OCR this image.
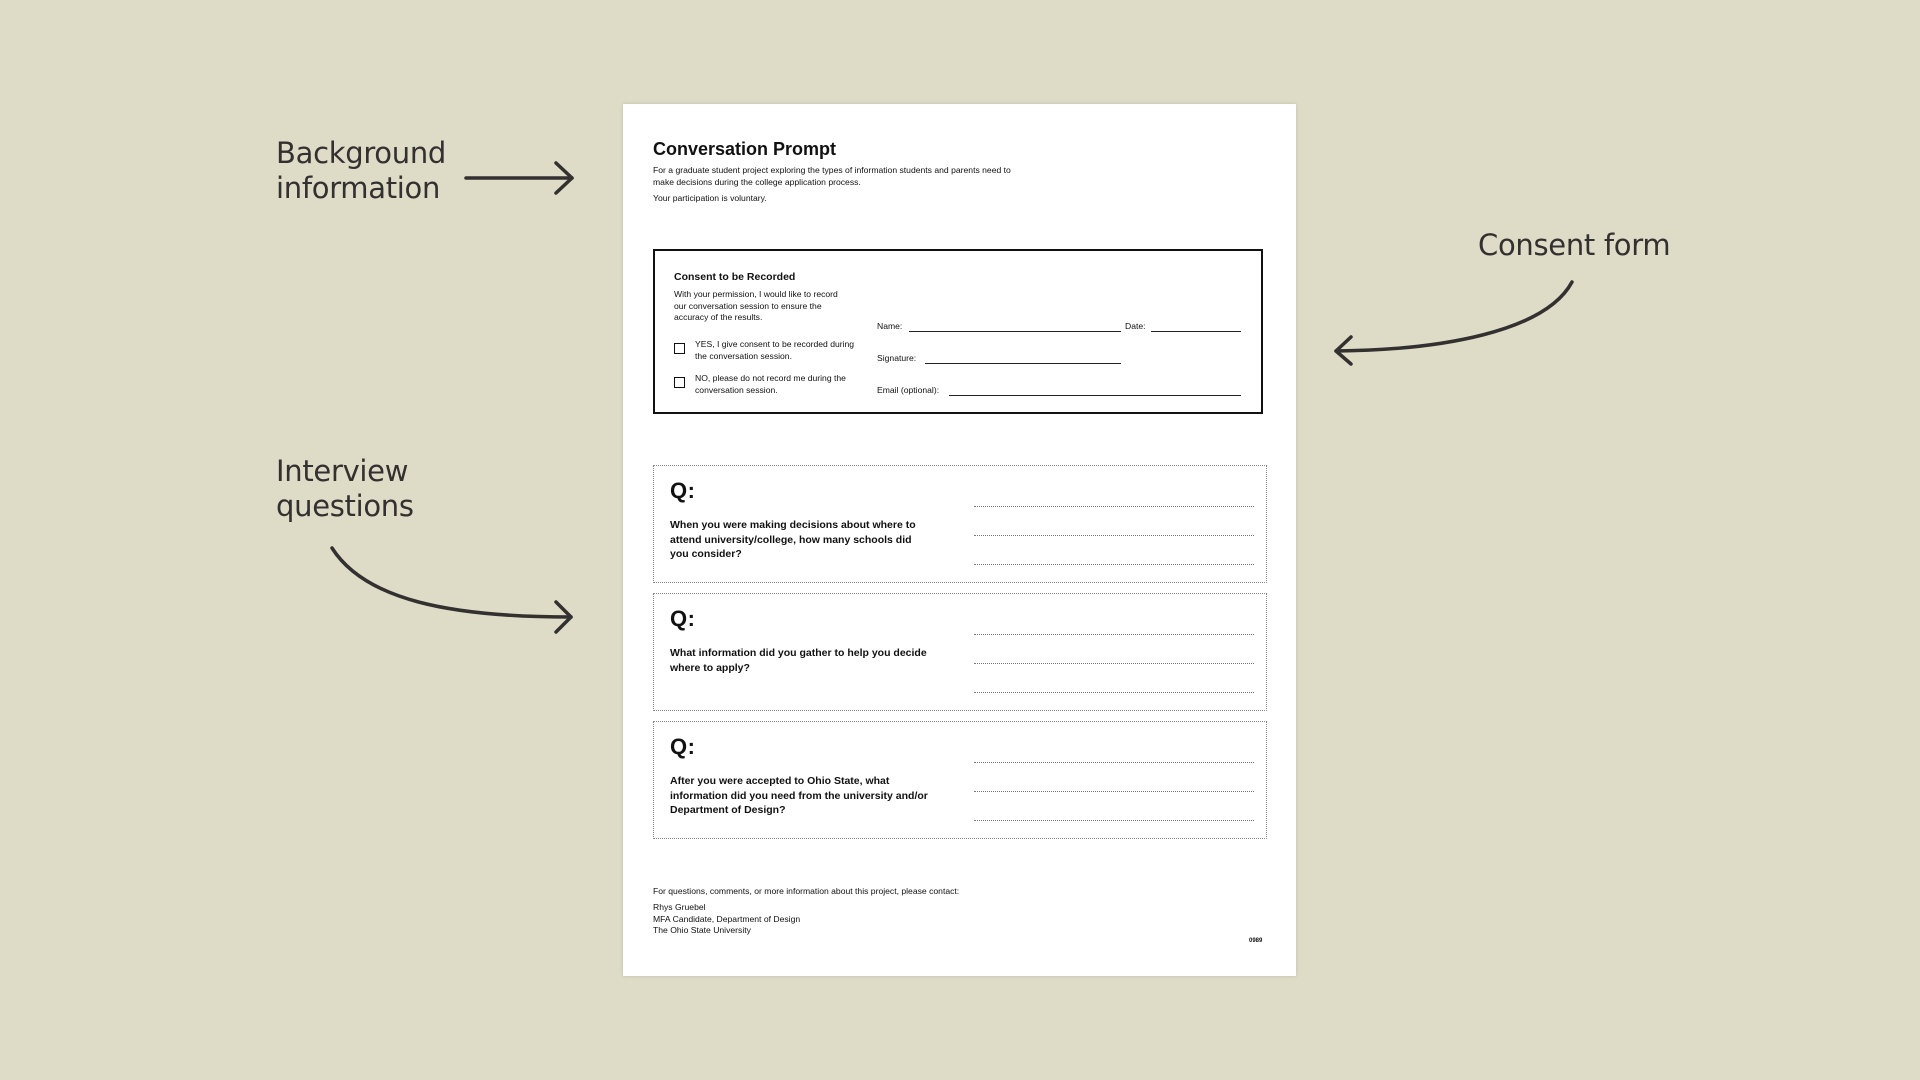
Background
information
Consent form
Interview
questions
Conversation Prompt
For a graduate student project exploring the types of information students and parents need to make decisions during the college application process.
Your participation is voluntary.
Consent to be Recorded
With your permission, I would like to record our conversation session to ensure the accuracy of the results.
YES, I give consent to be recorded during the conversation session.
NO, please do not record me during the conversation session.
Name:	Date:
Signature:
Email (optional):
Q:
When you were making decisions about where to attend university/college, how many schools did you consider?
Q:
What information did you gather to help you decide where to apply?
Q:
After you were accepted to Ohio State, what information did you need from the university and/or Department of Design?
For questions, comments, or more information about this project, please contact:
Rhys Gruebel
MFA Candidate, Department of Design
The Ohio State University
0989
